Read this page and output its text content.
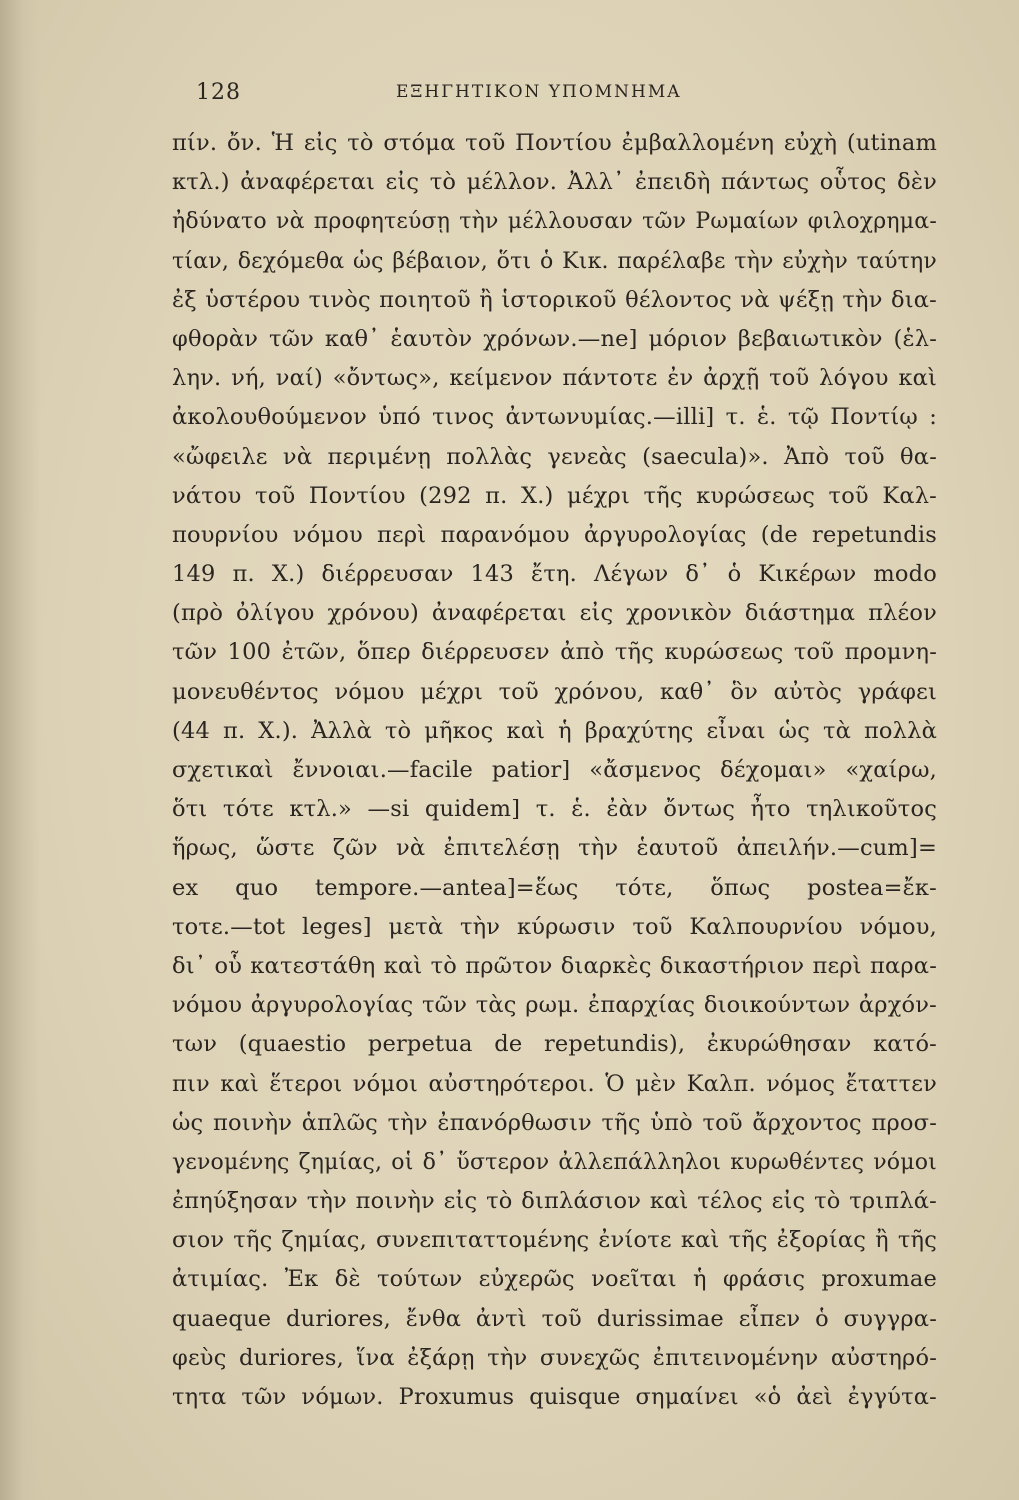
128	ΕΞΗΓΗΤΙΚΟΝ ΥΠΟΜΝΗΜΑ
πίν. ὄν. Ἡ εἰς τὸ στόμα τοῦ Ποντίου ἐμβαλλομένη εὐχὴ (utinam
κτλ.) ἀναφέρεται εἰς τὸ μέλλον. Ἀλλ᾽ ἐπειδὴ πάντως οὗτος δὲν
ἠδύνατο νὰ προφητεύσῃ τὴν μέλλουσαν τῶν Ρωμαίων φιλοχρημα-
τίαν, δεχόμεθα ὡς βέβαιον, ὅτι ὁ Κικ. παρέλαβε τὴν εὐχὴν ταύτην
ἐξ ὑστέρου τινὸς ποιητοῦ ἢ ἱστορικοῦ θέλοντος νὰ ψέξῃ τὴν δια-
φθορὰν τῶν καθ᾽ ἑαυτὸν χρόνων.—ne] μόριον βεβαιωτικὸν (ἑλ-
λην. νή, ναί) «ὄντως», κείμενον πάντοτε ἐν ἀρχῇ τοῦ λόγου καὶ
ἀκολουθούμενον ὑπό τινος ἀντωνυμίας.—illi] τ. ἑ. τῷ Ποντίῳ :
«ὤφειλε νὰ περιμένῃ πολλὰς γενεὰς (saecula)». Ἀπὸ τοῦ θα-
νάτου τοῦ Ποντίου (292 π. Χ.) μέχρι τῆς κυρώσεως τοῦ Καλ-
πουρνίου νόμου περὶ παρανόμου ἀργυρολογίας (de repetundis
149 π. Χ.) διέρρευσαν 143 ἔτη. Λέγων δ᾽ ὁ Κικέρων modo
(πρὸ ὀλίγου χρόνου) ἀναφέρεται εἰς χρονικὸν διάστημα πλέον
τῶν 100 ἐτῶν, ὅπερ διέρρευσεν ἀπὸ τῆς κυρώσεως τοῦ προμνη-
μονευθέντος νόμου μέχρι τοῦ χρόνου, καθ᾽ ὃν αὐτὸς γράφει
(44 π. Χ.). Ἀλλὰ τὸ μῆκος καὶ ἡ βραχύτης εἶναι ὡς τὰ πολλὰ
σχετικαὶ ἔννοιαι.—facile patior] «ἄσμενος δέχομαι» «χαίρω,
ὅτι τότε κτλ.» —si quidem] τ. ἑ. ἐὰν ὄντως ἦτο τηλικοῦτος
ἥρως, ὥστε ζῶν νὰ ἐπιτελέσῃ τὴν ἑαυτοῦ ἀπειλήν.—cum]=
ex quo tempore.—antea]=ἕως τότε, ὅπως postea=ἔκ-
τοτε.—tot leges] μετὰ τὴν κύρωσιν τοῦ Καλπουρνίου νόμου,
δι᾽ οὗ κατεστάθη καὶ τὸ πρῶτον διαρκὲς δικαστήριον περὶ παρα-
νόμου ἀργυρολογίας τῶν τὰς ρωμ. ἐπαρχίας διοικούντων ἀρχόν-
των (quaestio perpetua de repetundis), ἐκυρώθησαν κατό-
πιν καὶ ἕτεροι νόμοι αὐστηρότεροι. Ὁ μὲν Καλπ. νόμος ἔταττεν
ὡς ποινὴν ἁπλῶς τὴν ἐπανόρθωσιν τῆς ὑπὸ τοῦ ἄρχοντος προσ-
γενομένης ζημίας, οἱ δ᾽ ὕστερον ἀλλεπάλληλοι κυρωθέντες νόμοι
ἐπηύξησαν τὴν ποινὴν εἰς τὸ διπλάσιον καὶ τέλος εἰς τὸ τριπλά-
σιον τῆς ζημίας, συνεπιταττομένης ἐνίοτε καὶ τῆς ἐξορίας ἢ τῆς
ἀτιμίας. Ἐκ δὲ τούτων εὐχερῶς νοεῖται ἡ φράσις proxumae
quaeque duriores, ἔνθα ἀντὶ τοῦ durissimae εἶπεν ὁ συγγρα-
φεὺς duriores, ἵνα ἐξάρῃ τὴν συνεχῶς ἐπιτεινομένην αὐστηρό-
τητα τῶν νόμων. Proxumus quisque σημαίνει «ὁ ἀεὶ ἐγγύτα-
